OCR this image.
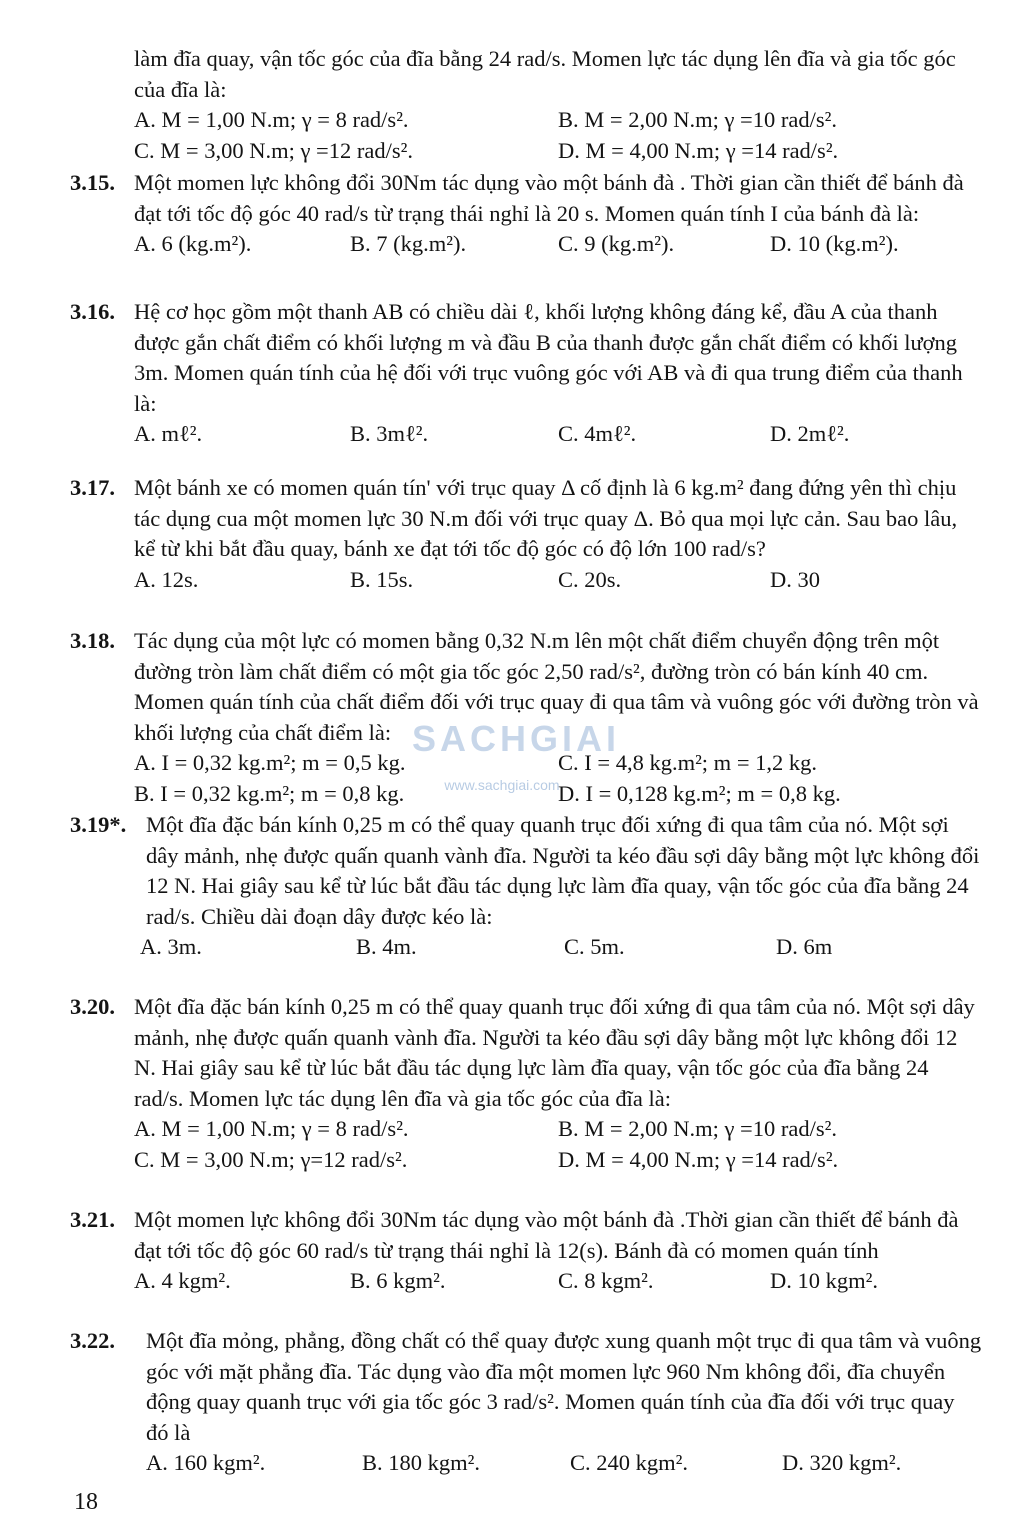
làm đĩa quay, vận tốc góc của đĩa bằng 24 rad/s. Momen lực tác dụng lên đĩa và gia tốc góc của đĩa là:
A. M = 1,00 N.m; γ = 8 rad/s².	B. M = 2,00 N.m; γ =10 rad/s².
C. M = 3,00 N.m; γ =12 rad/s².	D. M = 4,00 N.m; γ =14 rad/s².
3.15. Một momen lực không đổi 30Nm tác dụng vào một bánh đà . Thời gian cần thiết để bánh đà đạt tới tốc độ góc 40 rad/s từ trạng thái nghỉ là 20 s. Momen quán tính I của bánh đà là:
A. 6 (kg.m²).	B. 7 (kg.m²).	C. 9 (kg.m²).	D. 10 (kg.m²).
3.16. Hệ cơ học gồm một thanh AB có chiều dài ℓ, khối lượng không đáng kể, đầu A của thanh được gắn chất điểm có khối lượng m và đầu B của thanh được gắn chất điểm có khối lượng 3m. Momen quán tính của hệ đối với trục vuông góc với AB và đi qua trung điểm của thanh là:
A. mℓ².	B. 3mℓ².	C. 4mℓ².	D. 2mℓ².
3.17. Một bánh xe có momen quán tín' với trục quay Δ cố định là 6 kg.m² đang đứng yên thì chịu tác dụng cua một momen lực 30 N.m đối với trục quay Δ. Bỏ qua mọi lực cản. Sau bao lâu, kể từ khi bắt đầu quay, bánh xe đạt tới tốc độ góc có độ lớn 100 rad/s?
A. 12s.	B. 15s.	C. 20s.	D. 30
3.18. Tác dụng của một lực có momen bằng 0,32 N.m lên một chất điểm chuyển động trên một đường tròn làm chất điểm có một gia tốc góc 2,50 rad/s², đường tròn có bán kính 40 cm. Momen quán tính của chất điểm đối với trục quay đi qua tâm và vuông góc với đường tròn và khối lượng của chất điểm là:
A. I = 0,32 kg.m²; m = 0,5 kg.	C. I = 4,8 kg.m²; m = 1,2 kg.
B. I = 0,32 kg.m²; m = 0,8 kg.	D. I = 0,128 kg.m²; m = 0,8 kg.
3.19*. Một đĩa đặc bán kính 0,25 m có thể quay quanh trục đối xứng đi qua tâm của nó. Một sợi dây mảnh, nhẹ được quấn quanh vành đĩa. Người ta kéo đầu sợi dây bằng một lực không đổi 12 N. Hai giây sau kể từ lúc bắt đầu tác dụng lực làm đĩa quay, vận tốc góc của đĩa bằng 24 rad/s. Chiều dài đoạn dây được kéo là:
A. 3m.	B. 4m.	C. 5m.	D. 6m
3.20. Một đĩa đặc bán kính 0,25 m có thể quay quanh trục đối xứng đi qua tâm của nó. Một sợi dây mảnh, nhẹ được quấn quanh vành đĩa. Người ta kéo đầu sợi dây bằng một lực không đổi 12 N. Hai giây sau kể từ lúc bắt đầu tác dụng lực làm đĩa quay, vận tốc góc của đĩa bằng 24 rad/s. Momen lực tác dụng lên đĩa và gia tốc góc của đĩa là:
A. M = 1,00 N.m; γ = 8 rad/s².	B. M = 2,00 N.m; γ =10 rad/s².
C. M = 3,00 N.m; γ=12 rad/s².	D. M = 4,00 N.m; γ =14 rad/s².
3.21. Một momen lực không đổi 30Nm tác dụng vào một bánh đà .Thời gian cần thiết để bánh đà đạt tới tốc độ góc 60 rad/s từ trạng thái nghỉ là 12(s). Bánh đà có momen quán tính
A. 4 kgm².	B. 6 kgm².	C. 8 kgm².	D. 10 kgm².
3.22. Một đĩa mỏng, phẳng, đồng chất có thể quay được xung quanh một trục đi qua tâm và vuông góc với mặt phẳng đĩa. Tác dụng vào đĩa một momen lực 960 Nm không đổi, đĩa chuyển động quay quanh trục với gia tốc góc 3 rad/s². Momen quán tính của đĩa đối với trục quay đó là
A. 160 kgm².	B. 180 kgm².	C. 240 kgm².	D. 320 kgm².
SACHGIAI
www.sachgiai.com
18
